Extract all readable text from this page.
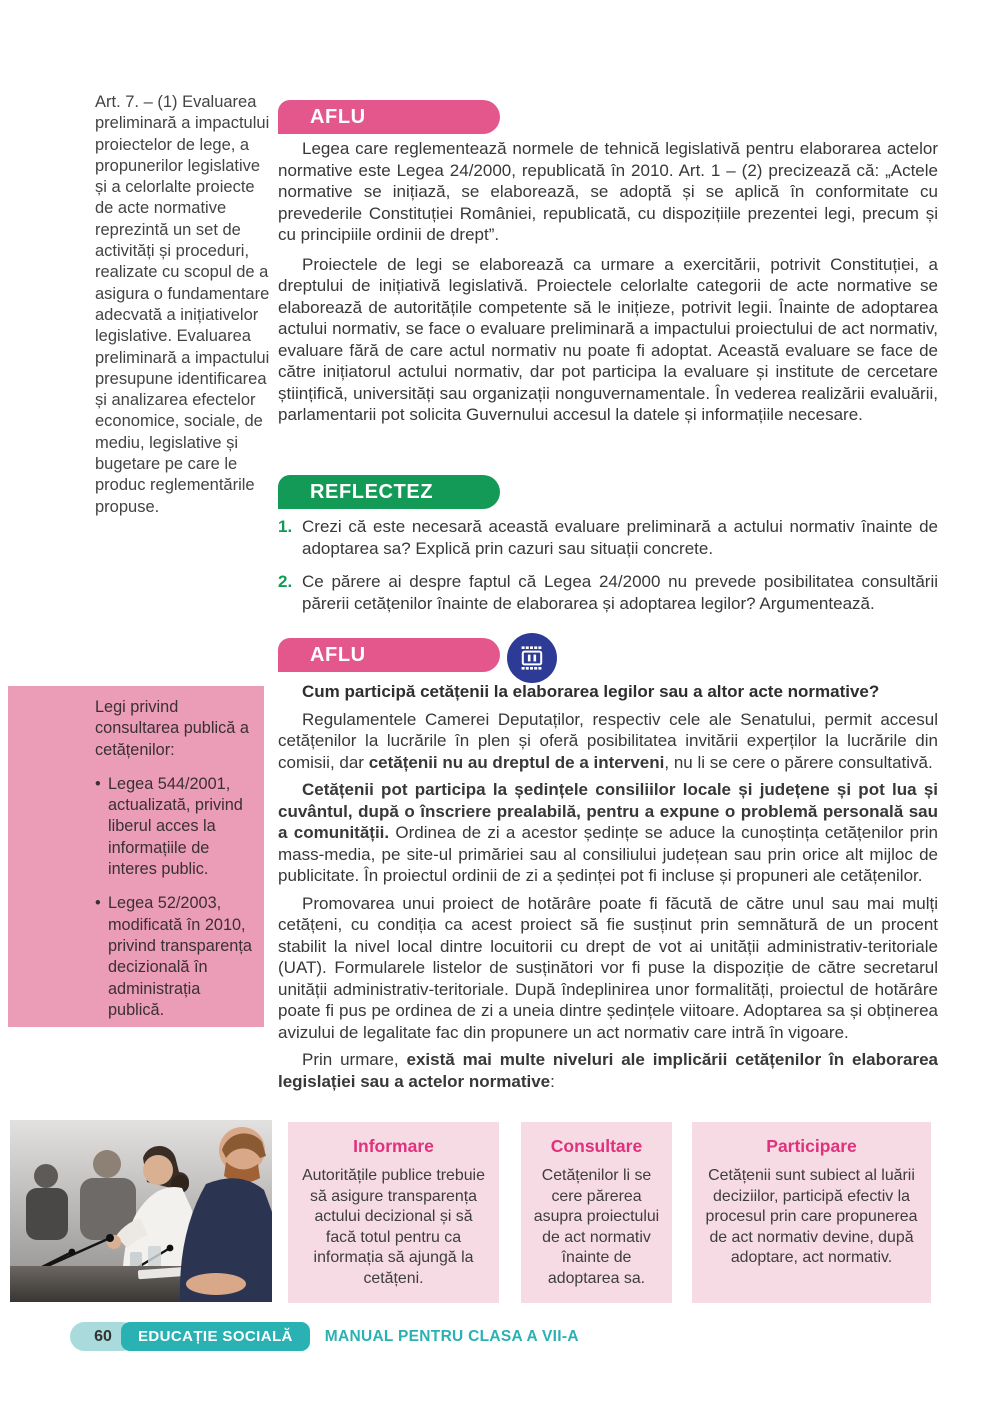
Art. 7. – (1) Evaluarea preliminară a impactului proiectelor de lege, a propunerilor legislative și a celorlalte proiecte de acte normative reprezintă un set de activități și proceduri, realizate cu scopul de a asigura o fundamentare adecvată a inițiativelor legislative. Evaluarea preliminară a impactului presupune identificarea și analizarea efectelor economice, sociale, de mediu, legislative și bugetare pe care le produc reglementările propuse.
Legi privind consultarea publică a cetățenilor:
• Legea 544/2001, actualizată, privind liberul acces la informațiile de interes public.
• Legea 52/2003, modificată în 2010, privind transparența decizională în administrația publică.
AFLU

Legea care reglementează normele de tehnică legislativă pentru elaborarea actelor normative este Legea 24/2000, republicată în 2010. Art. 1 – (2) precizează că: „Actele normative se inițiază, se elaborează, se adoptă și se aplică în conformitate cu prevederile Constituției României, republicată, cu dispozițiile prezentei legi, precum și cu principiile ordinii de drept”.

Proiectele de legi se elaborează ca urmare a exercitării, potrivit Constituției, a dreptului de inițiativă legislativă. Proiectele celorlalte categorii de acte normative se elaborează de autoritățile competente să le inițieze, potrivit legii. Înainte de adoptarea actului normativ, se face o evaluare preliminară a impactului proiectului de act normativ, evaluare fără de care actul normativ nu poate fi adoptat. Această evaluare se face de către inițiatorul actului normativ, dar pot participa la evaluare și institute de cercetare științifică, universități sau organizații nonguvernamentale. În vederea realizării evaluării, parlamentarii pot solicita Guvernului accesul la datele și informațiile necesare.

REFLECTEZ
1. Crezi că este necesară această evaluare preliminară a actului normativ înainte de adoptarea sa? Explică prin cazuri sau situații concrete.
2. Ce părere ai despre faptul că Legea 24/2000 nu prevede posibilitatea consultării părerii cetățenilor înainte de elaborarea și adoptarea legilor? Argumentează.
AFLU

Cum participă cetățenii la elaborarea legilor sau a altor acte normative?

Regulamentele Camerei Deputaților, respectiv cele ale Senatului, permit accesul cetățenilor la lucrările în plen și oferă posibilitatea invitării experților la lucrările din comisii, dar cetățenii nu au dreptul de a interveni, nu li se cere o părere consultativă.

Cetățenii pot participa la ședințele consiliilor locale și județene și pot lua și cuvântul, după o înscriere prealabilă, pentru a expune o problemă personală sau a comunității. Ordinea de zi a acestor ședințe se aduce la cunoștința cetățenilor prin mass-media, pe site-ul primăriei sau al consiliului județean sau prin orice alt mijloc de publicitate. În proiectul ordinii de zi a ședinței pot fi incluse și propuneri ale cetățenilor.

Promovarea unui proiect de hotărâre poate fi făcută de către unul sau mai mulți cetățeni, cu condiția ca acest proiect să fie susținut prin semnătură de un procent stabilit la nivel local dintre locuitorii cu drept de vot ai unității administrativ-teritoriale (UAT). Formularele listelor de susținători vor fi puse la dispoziție de către secretarul unității administrativ-teritoriale. După îndeplinirea unor formalități, proiectul de hotărâre poate fi pus pe ordinea de zi a uneia dintre ședințele viitoare. Adoptarea sa și obținerea avizului de legalitate fac din propunere un act normativ care intră în vigoare.

Prin urmare, există mai multe niveluri ale implicării cetățenilor în elaborarea legislației sau a actelor normative:

Informare

Autoritățile publice trebuie să asigure transparența actului decizional și să facă totul pentru ca informația să ajungă la cetățeni.

Consultare

Cetățenilor li se cere părerea asupra proiectului de act normativ înainte de adoptarea sa.

Participare

Cetățenii sunt subiect al luării deciziilor, participă efectiv la procesul prin care propunerea de act normativ devine, după adoptare, act normativ.

60	EDUCAȚIE SOCIALĂ	MANUAL PENTRU CLASA A VII-A
